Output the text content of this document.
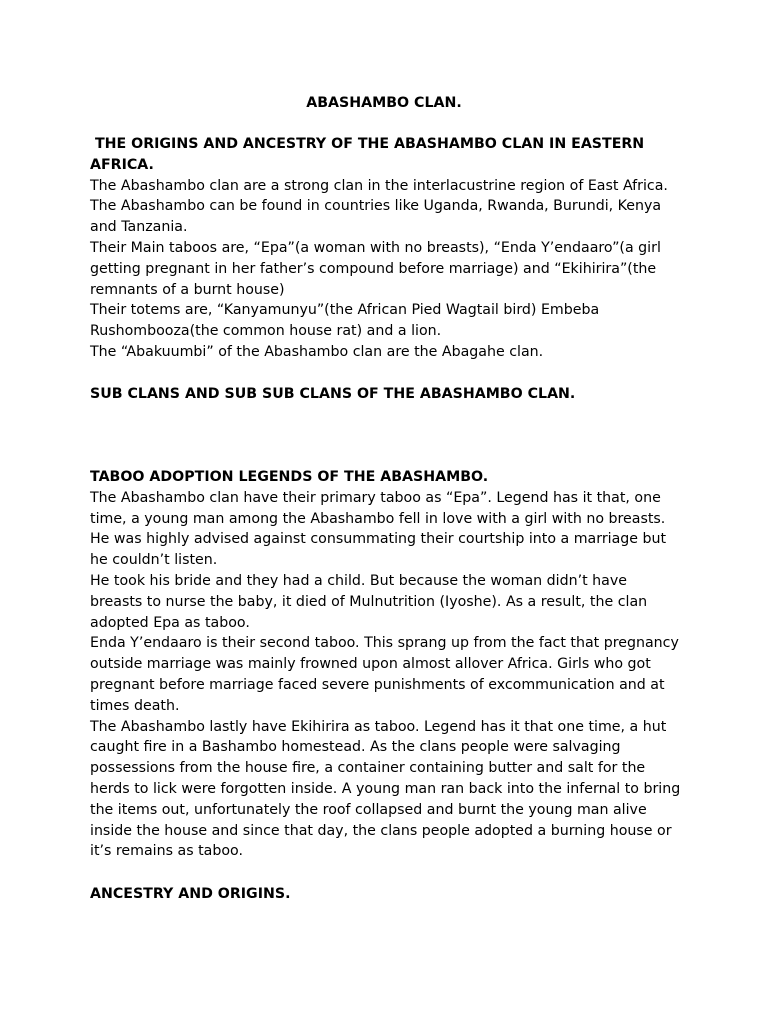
ABASHAMBO CLAN.

THE ORIGINS AND ANCESTRY OF THE ABASHAMBO CLAN IN EASTERN AFRICA.

The Abashambo clan are a strong clan in the interlacustrine region of East Africa. The Abashambo can be found in countries like Uganda, Rwanda, Burundi, Kenya and Tanzania.

Their Main taboos are, “Epa”(a woman with no breasts), “Enda Y’endaaro”(a girl getting pregnant in her father’s compound before marriage) and “Ekihirira”(the remnants of a burnt house)

Their totems are, “Kanyamunyu”(the African Pied Wagtail bird) Embeba Rushombooza(the common house rat) and a lion.

The “Abakuumbi” of the Abashambo clan are the Abagahe clan.

SUB CLANS AND SUB SUB CLANS OF THE ABASHAMBO CLAN.

TABOO ADOPTION LEGENDS OF THE ABASHAMBO.

The Abashambo clan have their primary taboo as “Epa”. Legend has it that, one time, a young man among the Abashambo fell in love with a girl with no breasts. He was highly advised against consummating their courtship into a marriage but he couldn’t listen.

He took his bride and they had a child. But because the woman didn’t have breasts to nurse the baby, it died of Mulnutrition (Iyoshe). As a result, the clan adopted Epa as taboo.

Enda Y’endaaro is their second taboo. This sprang up from the fact that pregnancy outside marriage was mainly frowned upon almost allover Africa. Girls who got pregnant before marriage faced severe punishments of excommunication and at times death.

The Abashambo lastly have Ekihirira as taboo. Legend has it that one time, a hut caught fire in a Bashambo homestead. As the clans people were salvaging possessions from the house fire, a container containing butter and salt for the herds to lick were forgotten inside. A young man ran back into the infernal to bring the items out, unfortunately the roof collapsed and burnt the young man alive inside the house and since that day, the clans people adopted a burning house or it’s remains as taboo.

ANCESTRY AND ORIGINS.
